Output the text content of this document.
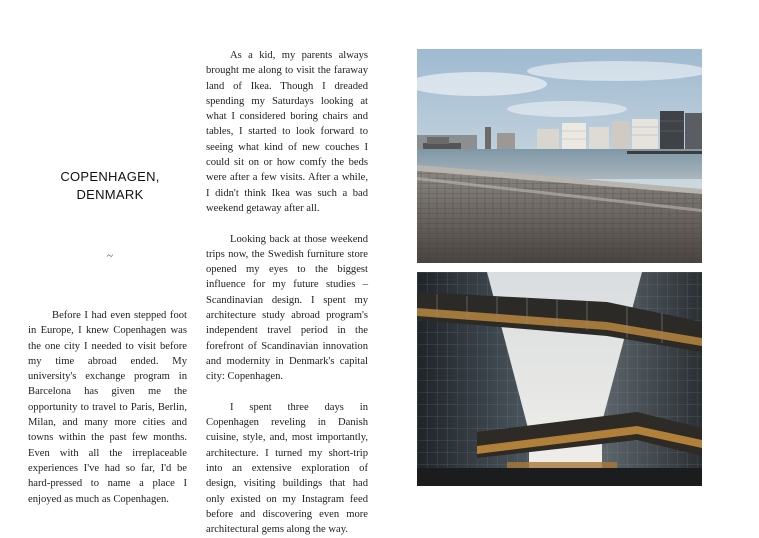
COPENHAGEN,
DENMARK
~

Before I had even stepped foot in Europe, I knew Copenhagen was the one city I needed to visit before my time abroad ended. My university's exchange program in Barcelona has given me the opportunity to travel to Paris, Berlin, Milan, and many more cities and towns within the past few months. Even with all the irreplaceable experiences I've had so far, I'd be hard-pressed to name a place I enjoyed as much as Copenhagen.

As a kid, my parents always brought me along to visit the faraway land of Ikea. Though I dreaded spending my Saturdays looking at what I considered boring chairs and tables, I started to look forward to seeing what kind of new couches I could sit on or how comfy the beds were after a few visits. After a while, I didn't think Ikea was such a bad weekend getaway after all.

Looking back at those weekend trips now, the Swedish furniture store opened my eyes to the biggest influence for my future studies – Scandinavian design. I spent my architecture study abroad program's independent travel period in the forefront of Scandinavian innovation and modernity in Denmark's capital city: Copenhagen.

I spent three days in Copenhagen reveling in Danish cuisine, style, and, most importantly, architecture. I turned my short-trip into an extensive exploration of design, visiting buildings that had only existed on my Instagram feed before and discovering even more architectural gems along the way.
